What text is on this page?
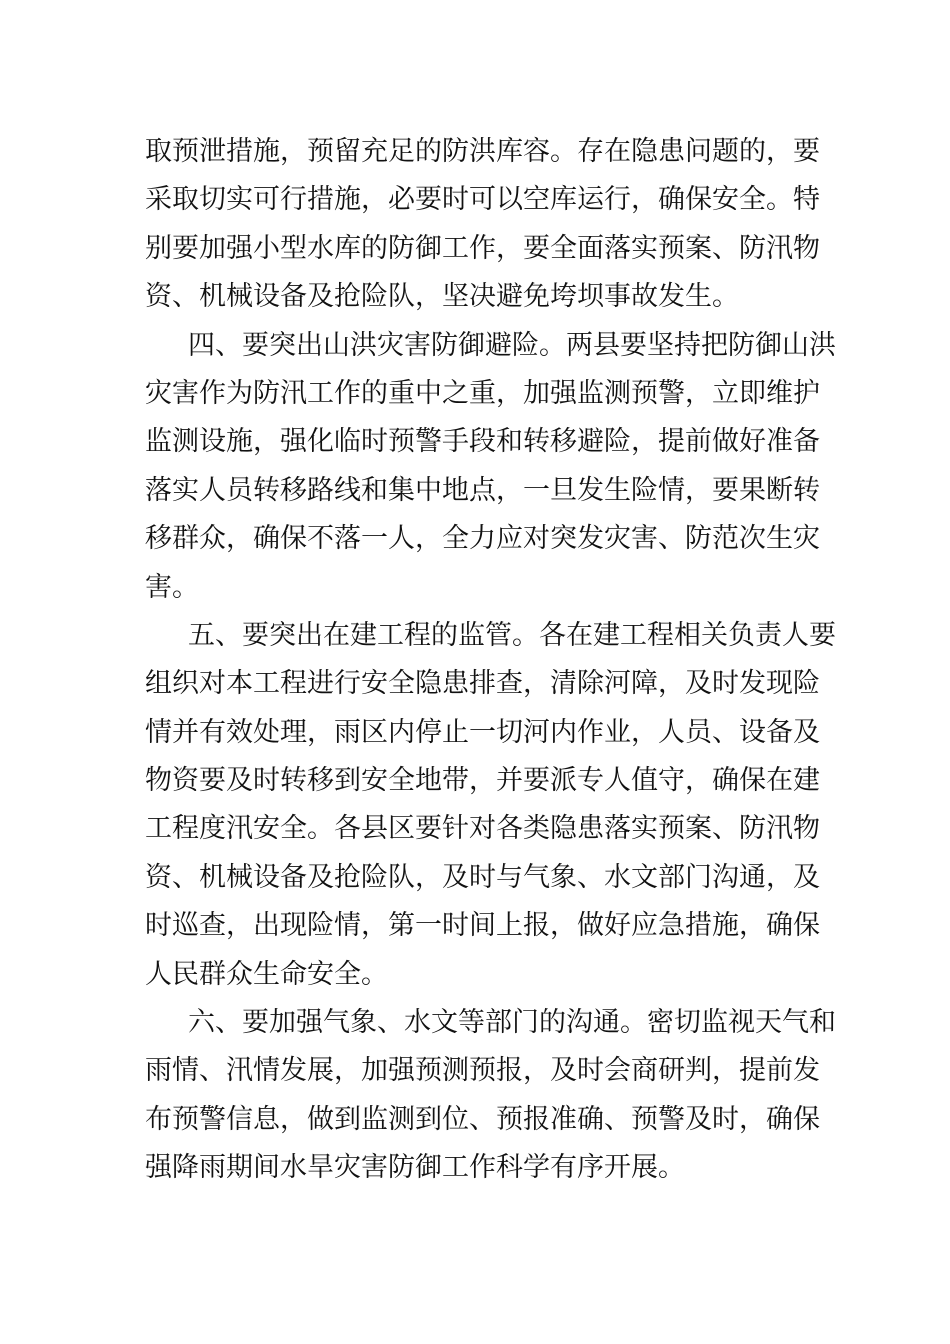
取预泄措施，预留充足的防洪库容。存在隐患问题的，要
采取切实可行措施，必要时可以空库运行，确保安全。特
别要加强小型水库的防御工作，要全面落实预案、防汛物
资、机械设备及抢险队，坚决避免垮坝事故发生。
四、要突出山洪灾害防御避险。两县要坚持把防御山洪
灾害作为防汛工作的重中之重，加强监测预警，立即维护
监测设施，强化临时预警手段和转移避险，提前做好准备
落实人员转移路线和集中地点，一旦发生险情，要果断转
移群众，确保不落一人，全力应对突发灾害、防范次生灾
害。
五、要突出在建工程的监管。各在建工程相关负责人要
组织对本工程进行安全隐患排查，清除河障，及时发现险
情并有效处理，雨区内停止一切河内作业，人员、设备及
物资要及时转移到安全地带，并要派专人值守，确保在建
工程度汛安全。各县区要针对各类隐患落实预案、防汛物
资、机械设备及抢险队，及时与气象、水文部门沟通，及
时巡查，出现险情，第一时间上报，做好应急措施，确保
人民群众生命安全。
六、要加强气象、水文等部门的沟通。密切监视天气和
雨情、汛情发展，加强预测预报，及时会商研判，提前发
布预警信息，做到监测到位、预报准确、预警及时，确保
强降雨期间水旱灾害防御工作科学有序开展。
